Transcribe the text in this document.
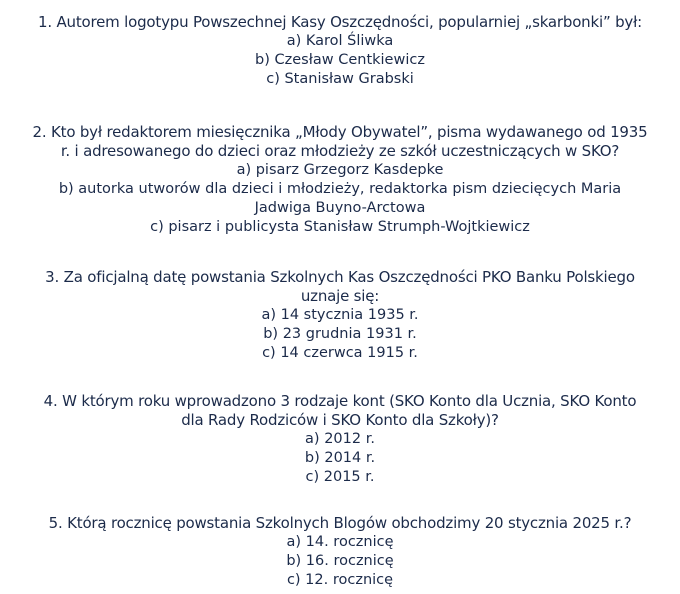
1. Autorem logotypu Powszechnej Kasy Oszczędności, popularniej „skarbonki” był:

a) Karol Śliwka
b) Czesław Centkiewicz
c) Stanisław Grabski

2. Kto był redaktorem miesięcznika „Młody Obywatel”, pisma wydawanego od 1935
r. i adresowanego do dzieci oraz młodzieży ze szkół uczestniczących w SKO?

a) pisarz Grzegorz Kasdepke
b) autorka utworów dla dzieci i młodzieży, redaktorka pism dziecięcych Maria
Jadwiga Buyno-Arctowa
c) pisarz i publicysta Stanisław Strumph-Wojtkiewicz

3. Za oficjalną datę powstania Szkolnych Kas Oszczędności PKO Banku Polskiego
uznaje się:

a) 14 stycznia 1935 r.
b) 23 grudnia 1931 r.
c) 14 czerwca 1915 r.

4. W którym roku wprowadzono 3 rodzaje kont (SKO Konto dla Ucznia, SKO Konto
dla Rady Rodziców i SKO Konto dla Szkoły)?

a) 2012 r.
b) 2014 r.
c) 2015 r.

5. Którą rocznicę powstania Szkolnych Blogów obchodzimy 20 stycznia 2025 r.?

a) 14. rocznicę
b) 16. rocznicę
c) 12. rocznicę
